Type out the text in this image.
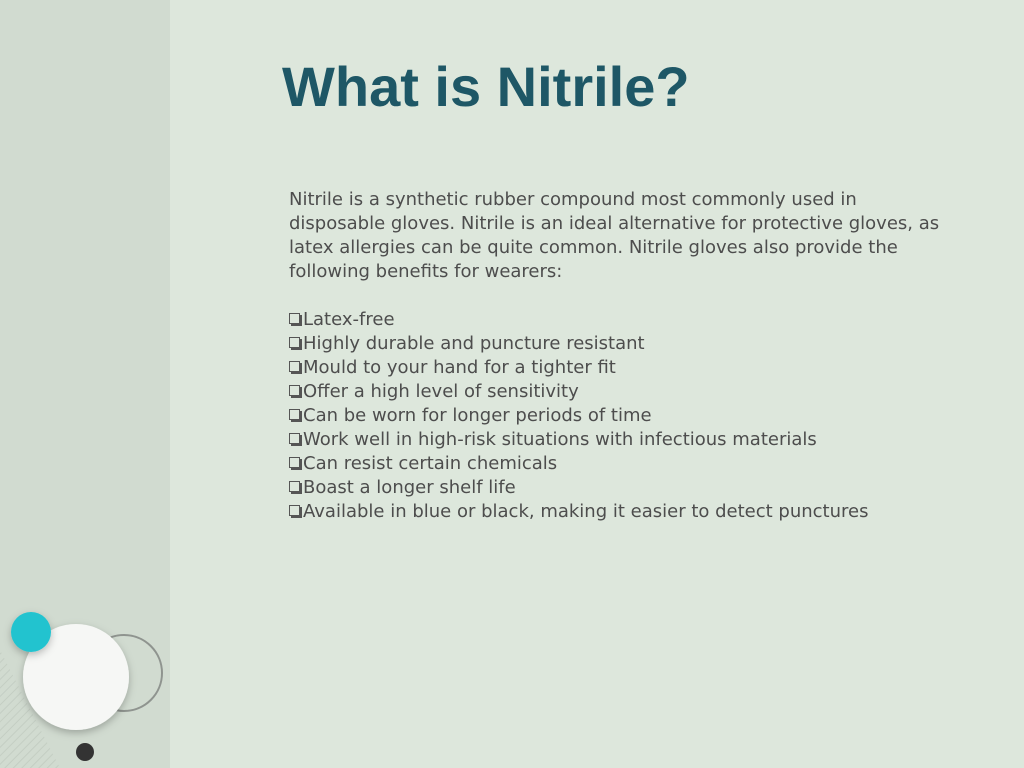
What is Nitrile?

Nitrile is a synthetic rubber compound most commonly used in disposable gloves. Nitrile is an ideal alternative for protective gloves, as latex allergies can be quite common. Nitrile gloves also provide the following benefits for wearers:

Latex-free
Highly durable and puncture resistant
Mould to your hand for a tighter fit
Offer a high level of sensitivity
Can be worn for longer periods of time
Work well in high-risk situations with infectious materials
Can resist certain chemicals
Boast a longer shelf life
Available in blue or black, making it easier to detect punctures
